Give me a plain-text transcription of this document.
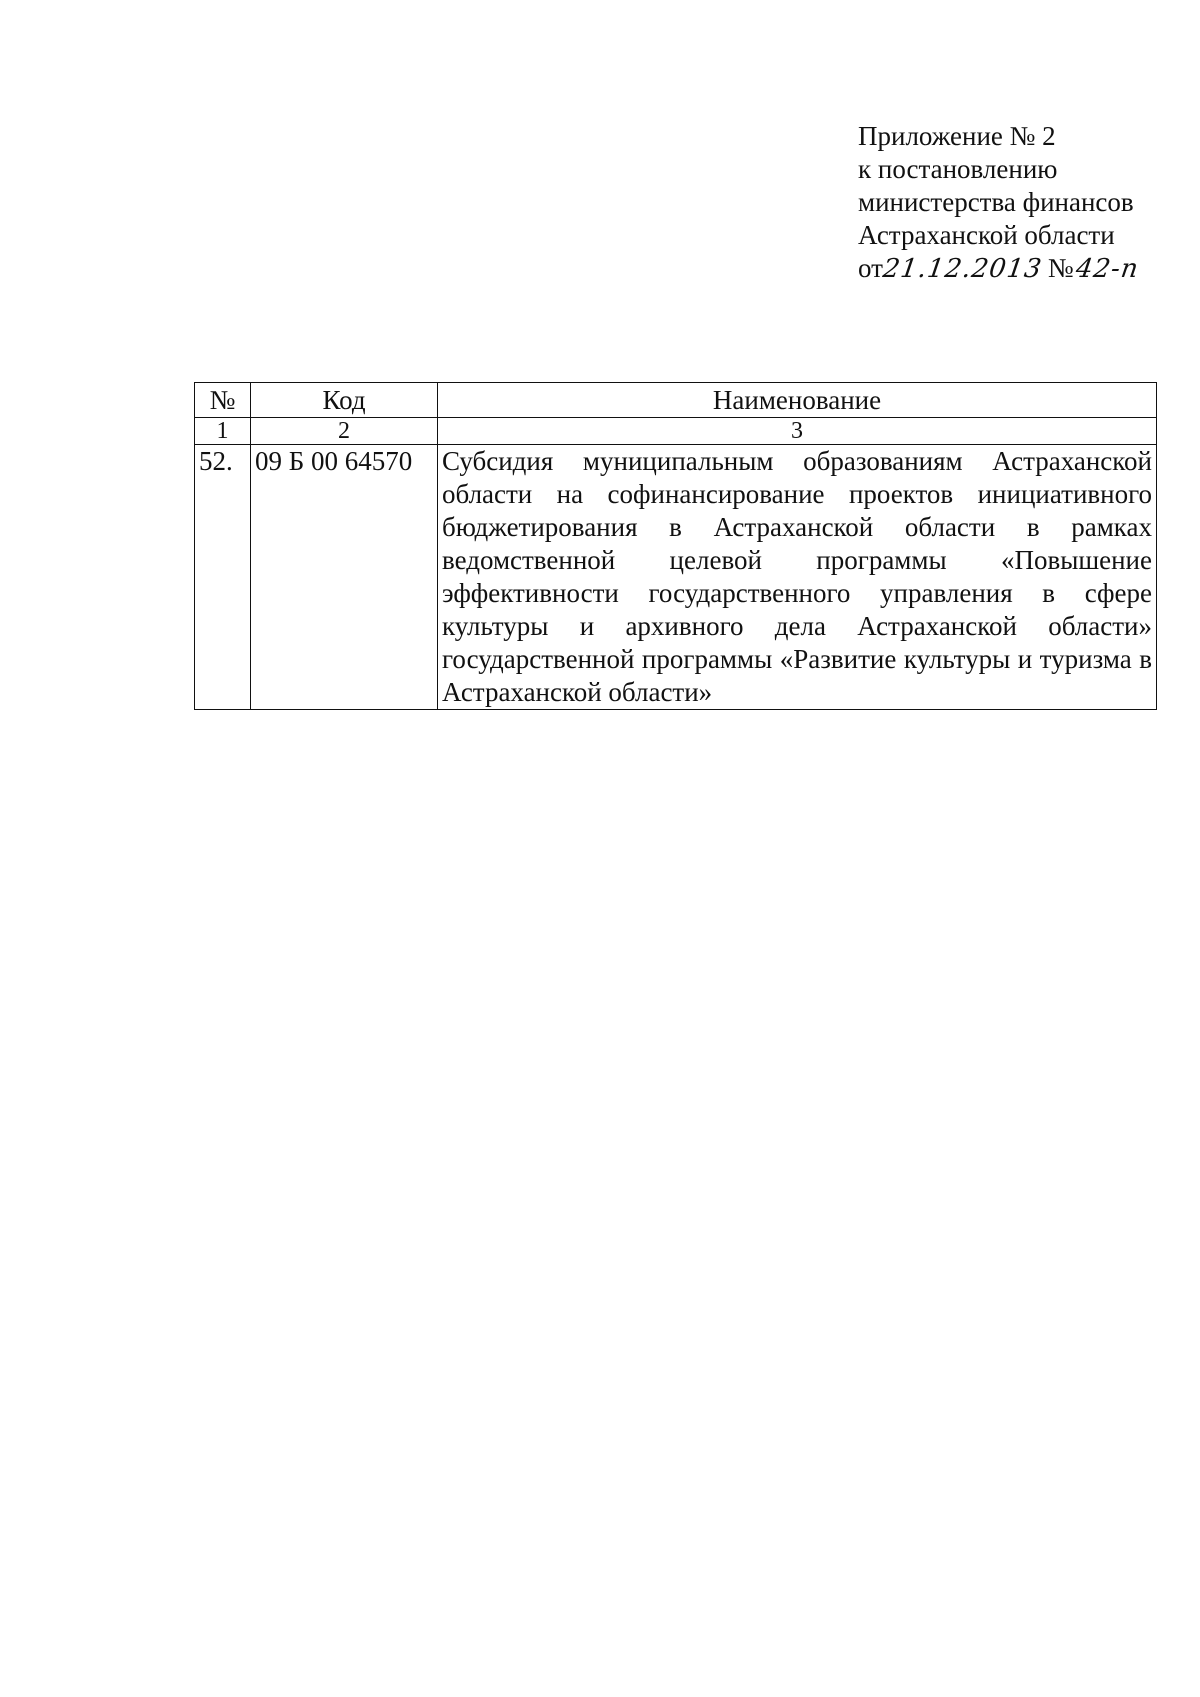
Приложение № 2
к постановлению
министерства финансов
Астраханской области
от21.12.2013 №42-п
№	Код	Наименование
1	2	3
52.	09 Б 00 64570	Субсидия муниципальным образованиям Астраханской области на софинансирование проектов инициативного бюджетирования в Астраханской области в рамках ведомственной целевой программы «Повышение эффективности государственного управления в сфере культуры и архивного дела Астраханской области» государственной программы «Развитие культуры и туризма в Астраханской области»
